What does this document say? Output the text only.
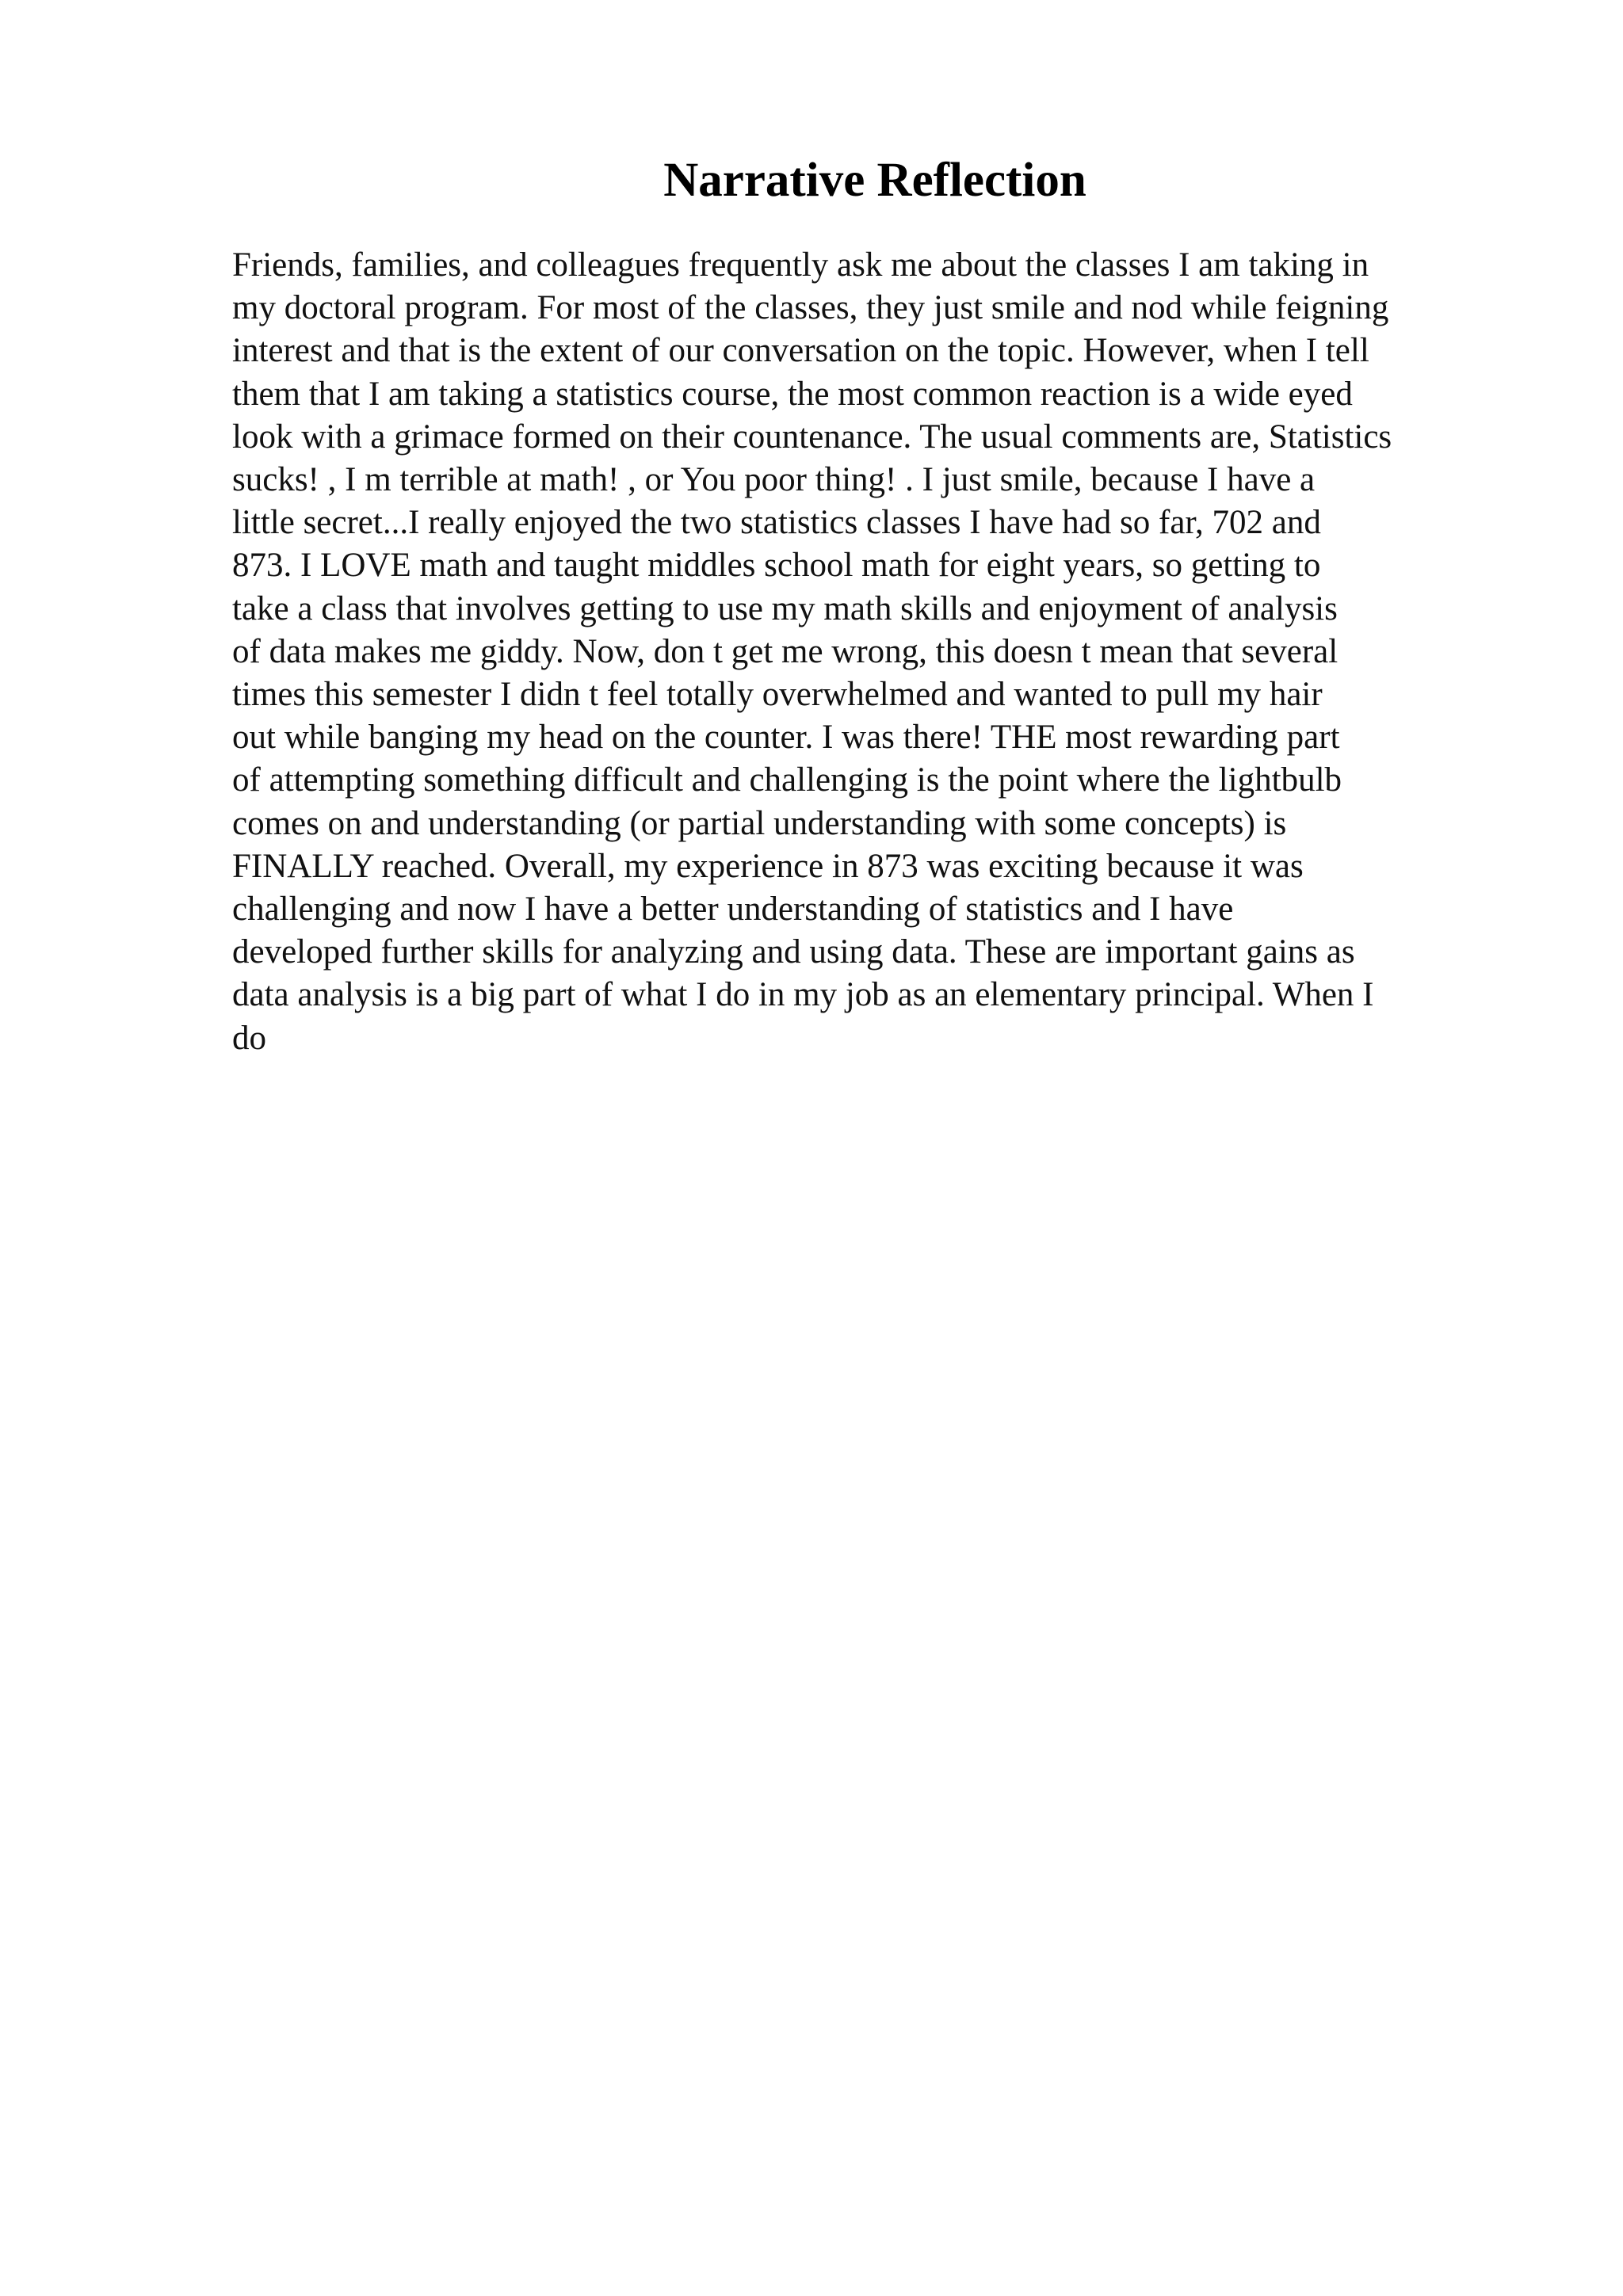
Narrative Reflection
Friends, families, and colleagues frequently ask me about the classes I am taking in
my doctoral program. For most of the classes, they just smile and nod while feigning
interest and that is the extent of our conversation on the topic. However, when I tell
them that I am taking a statistics course, the most common reaction is a wide eyed
look with a grimace formed on their countenance. The usual comments are, Statistics
sucks! , I m terrible at math! , or You poor thing! . I just smile, because I have a
little secret...I really enjoyed the two statistics classes I have had so far, 702 and
873. I LOVE math and taught middles school math for eight years, so getting to
take a class that involves getting to use my math skills and enjoyment of analysis
of data makes me giddy. Now, don t get me wrong, this doesn t mean that several
times this semester I didn t feel totally overwhelmed and wanted to pull my hair
out while banging my head on the counter. I was there! THE most rewarding part
of attempting something difficult and challenging is the point where the lightbulb
comes on and understanding (or partial understanding with some concepts) is
FINALLY reached. Overall, my experience in 873 was exciting because it was
challenging and now I have a better understanding of statistics and I have
developed further skills for analyzing and using data. These are important gains as
data analysis is a big part of what I do in my job as an elementary principal. When I
do
